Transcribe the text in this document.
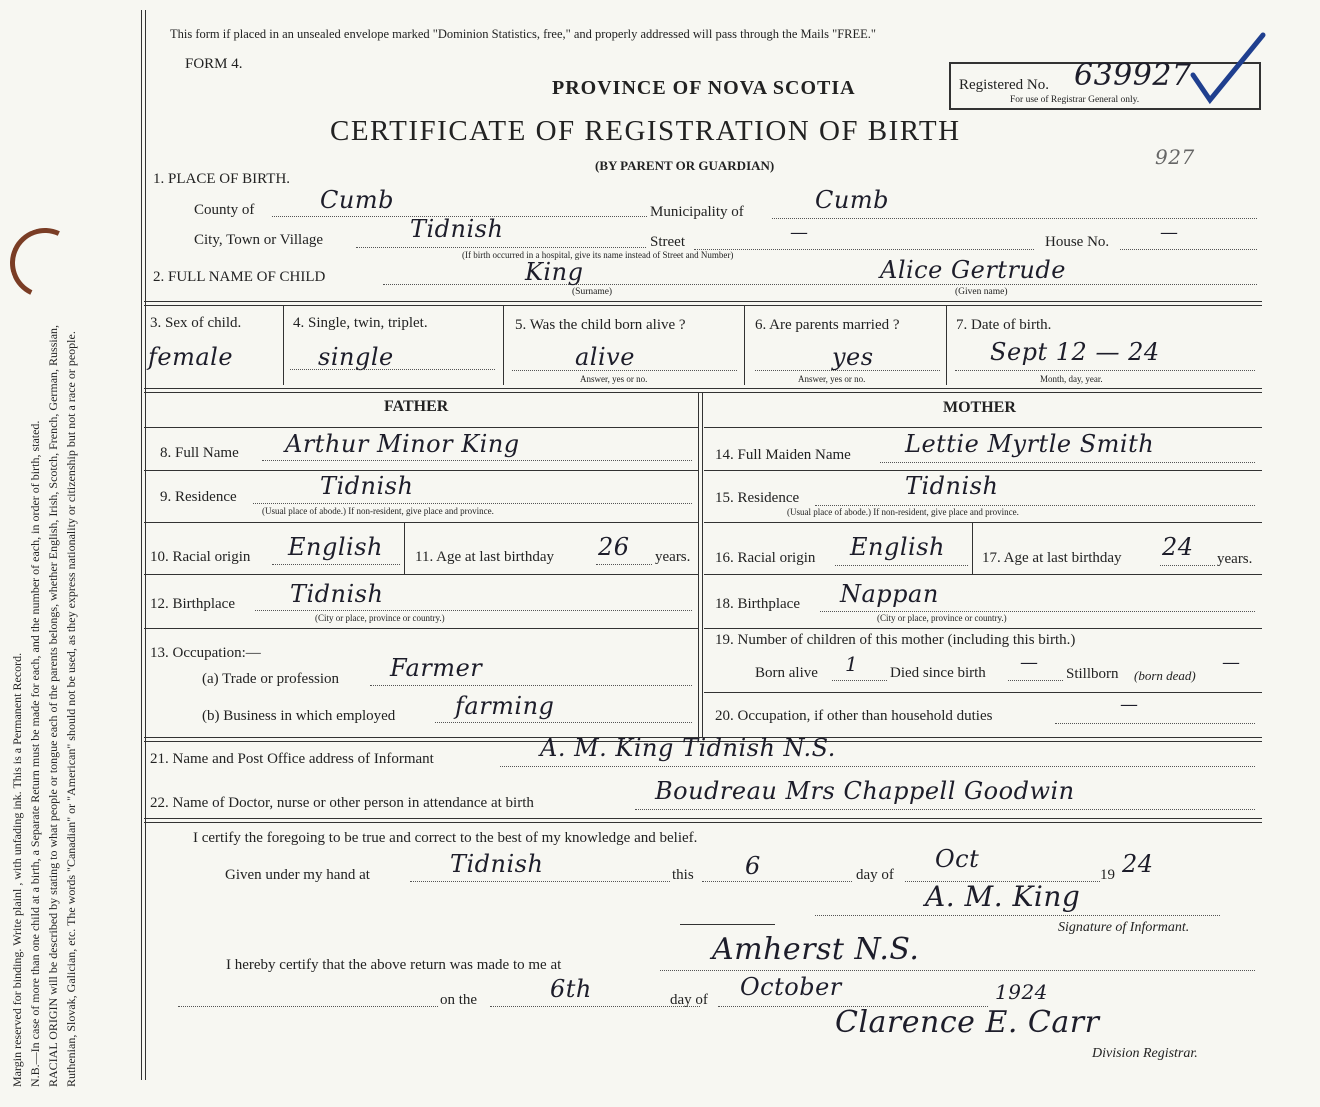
Margin reserved for binding. Write plainl , with unfading ink. This is a Permanent Record. N.B.—In case of more than one child at a birth, a Separate Return must be made for each, and the number of each, in order of birth, stated. RACIAL ORIGIN will be described by stating to what people or tongue each of the parents belongs, whether English, Irish, Scotch, French, German, Russian, Ruthenian, Slovak, Galician, etc. The words "Canadian" or "American" should not be used, as they express nationality or citizenship but not a race or people.
This form if placed in an unsealed envelope marked "Dominion Statistics, free," and properly addressed will pass through the Mails "FREE."
FORM 4.
PROVINCE OF NOVA SCOTIA
CERTIFICATE OF REGISTRATION OF BIRTH
(BY PARENT OR GUARDIAN)
Registered No. 639927
For use of Registrar General only.
927
1. PLACE OF BIRTH.
County of	Cumb	Municipality of	Cumb
City, Town or Village	Tidnish	Street	—
(If birth occurred in a hospital, give its name instead of Street and Number)
House No.	—
2. FULL NAME OF CHILD	King
(Surname)
Alice Gertrude
(Given name)
3. Sex of child.
female
4. Single, twin, triplet.
single
5. Was the child born alive ?
alive
Answer, yes or no.
6. Are parents married ?
yes
Answer, yes or no.
7. Date of birth.
Sept 12 — 24
Month, day, year.
FATHER
8. Full Name Arthur Minor King
9. Residence	Tidnish
(Usual place of abode.) If non-resident, give place and province.
10. Racial origin English 11. Age at last birthday 26 years.
12. Birthplace Tidnish
(City or place, province or country.)
13. Occupation:—
(a) Trade or profession Farmer
(b) Business in which employed farming
MOTHER
14. Full Maiden Name Lettie Myrtle Smith
15. Residence	Tidnish
(Usual place of abode.) If non-resident, give place and province.
16. Racial origin English 17. Age at last birthday 24 years.
18. Birthplace Nappan
(City or place, province or country.)
19. Number of children of this mother (including this birth.)
Born alive 1 Died since birth —
Stillborn (born dead)
—
20. Occupation, if other than household duties
—
21. Name and Post Office address of Informant	A. M. King Tidnish N.S.
22. Name of Doctor, nurse or other person in attendance at birth	Boudreau Mrs Chappell Goodwin
I certify the foregoing to be true and correct to the best of my knowledge and belief.
Given under my hand at	Tidnish	this 6	day of
Oct
19 24
A. M. King
Signature of Informant.
I hereby certify that the above return was made to me at	Amherst N.S.
on the	6th	day of October	1924
Clarence E. Carr
Division Registrar.
